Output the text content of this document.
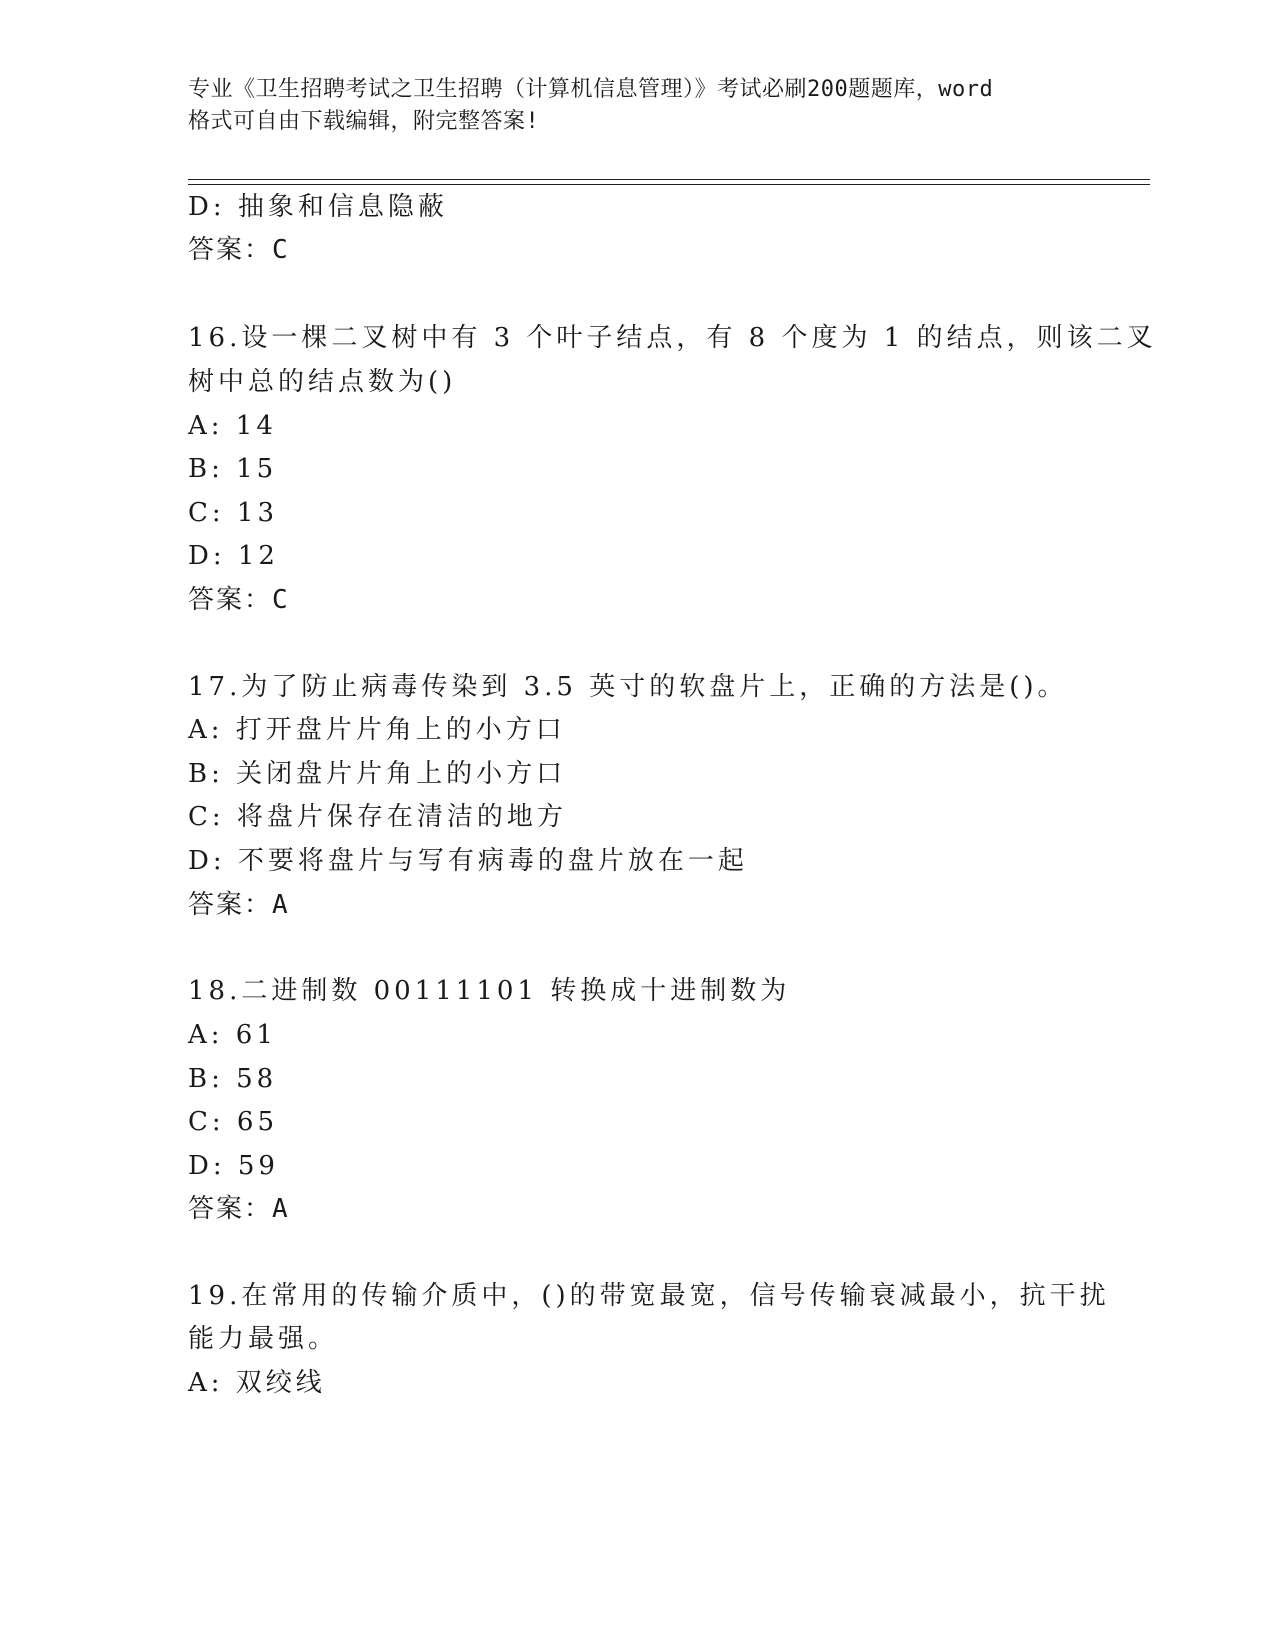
专业《卫生招聘考试之卫生招聘（计算机信息管理）》考试必刷200题题库，word
格式可自由下载编辑，附完整答案!
D: 抽象和信息隐蔽
答案：C
16.设一棵二叉树中有 3 个叶子结点，有 8 个度为 1 的结点，则该二叉
树中总的结点数为()
A: 14
B: 15
C: 13
D: 12
答案：C
17.为了防止病毒传染到 3.5 英寸的软盘片上，正确的方法是()。
A: 打开盘片片角上的小方口
B: 关闭盘片片角上的小方口
C: 将盘片保存在清洁的地方
D: 不要将盘片与写有病毒的盘片放在一起
答案：A
18.二进制数 00111101 转换成十进制数为
A: 61
B: 58
C: 65
D: 59
答案：A
19.在常用的传输介质中，()的带宽最宽，信号传输衰减最小，抗干扰
能力最强。
A: 双绞线
